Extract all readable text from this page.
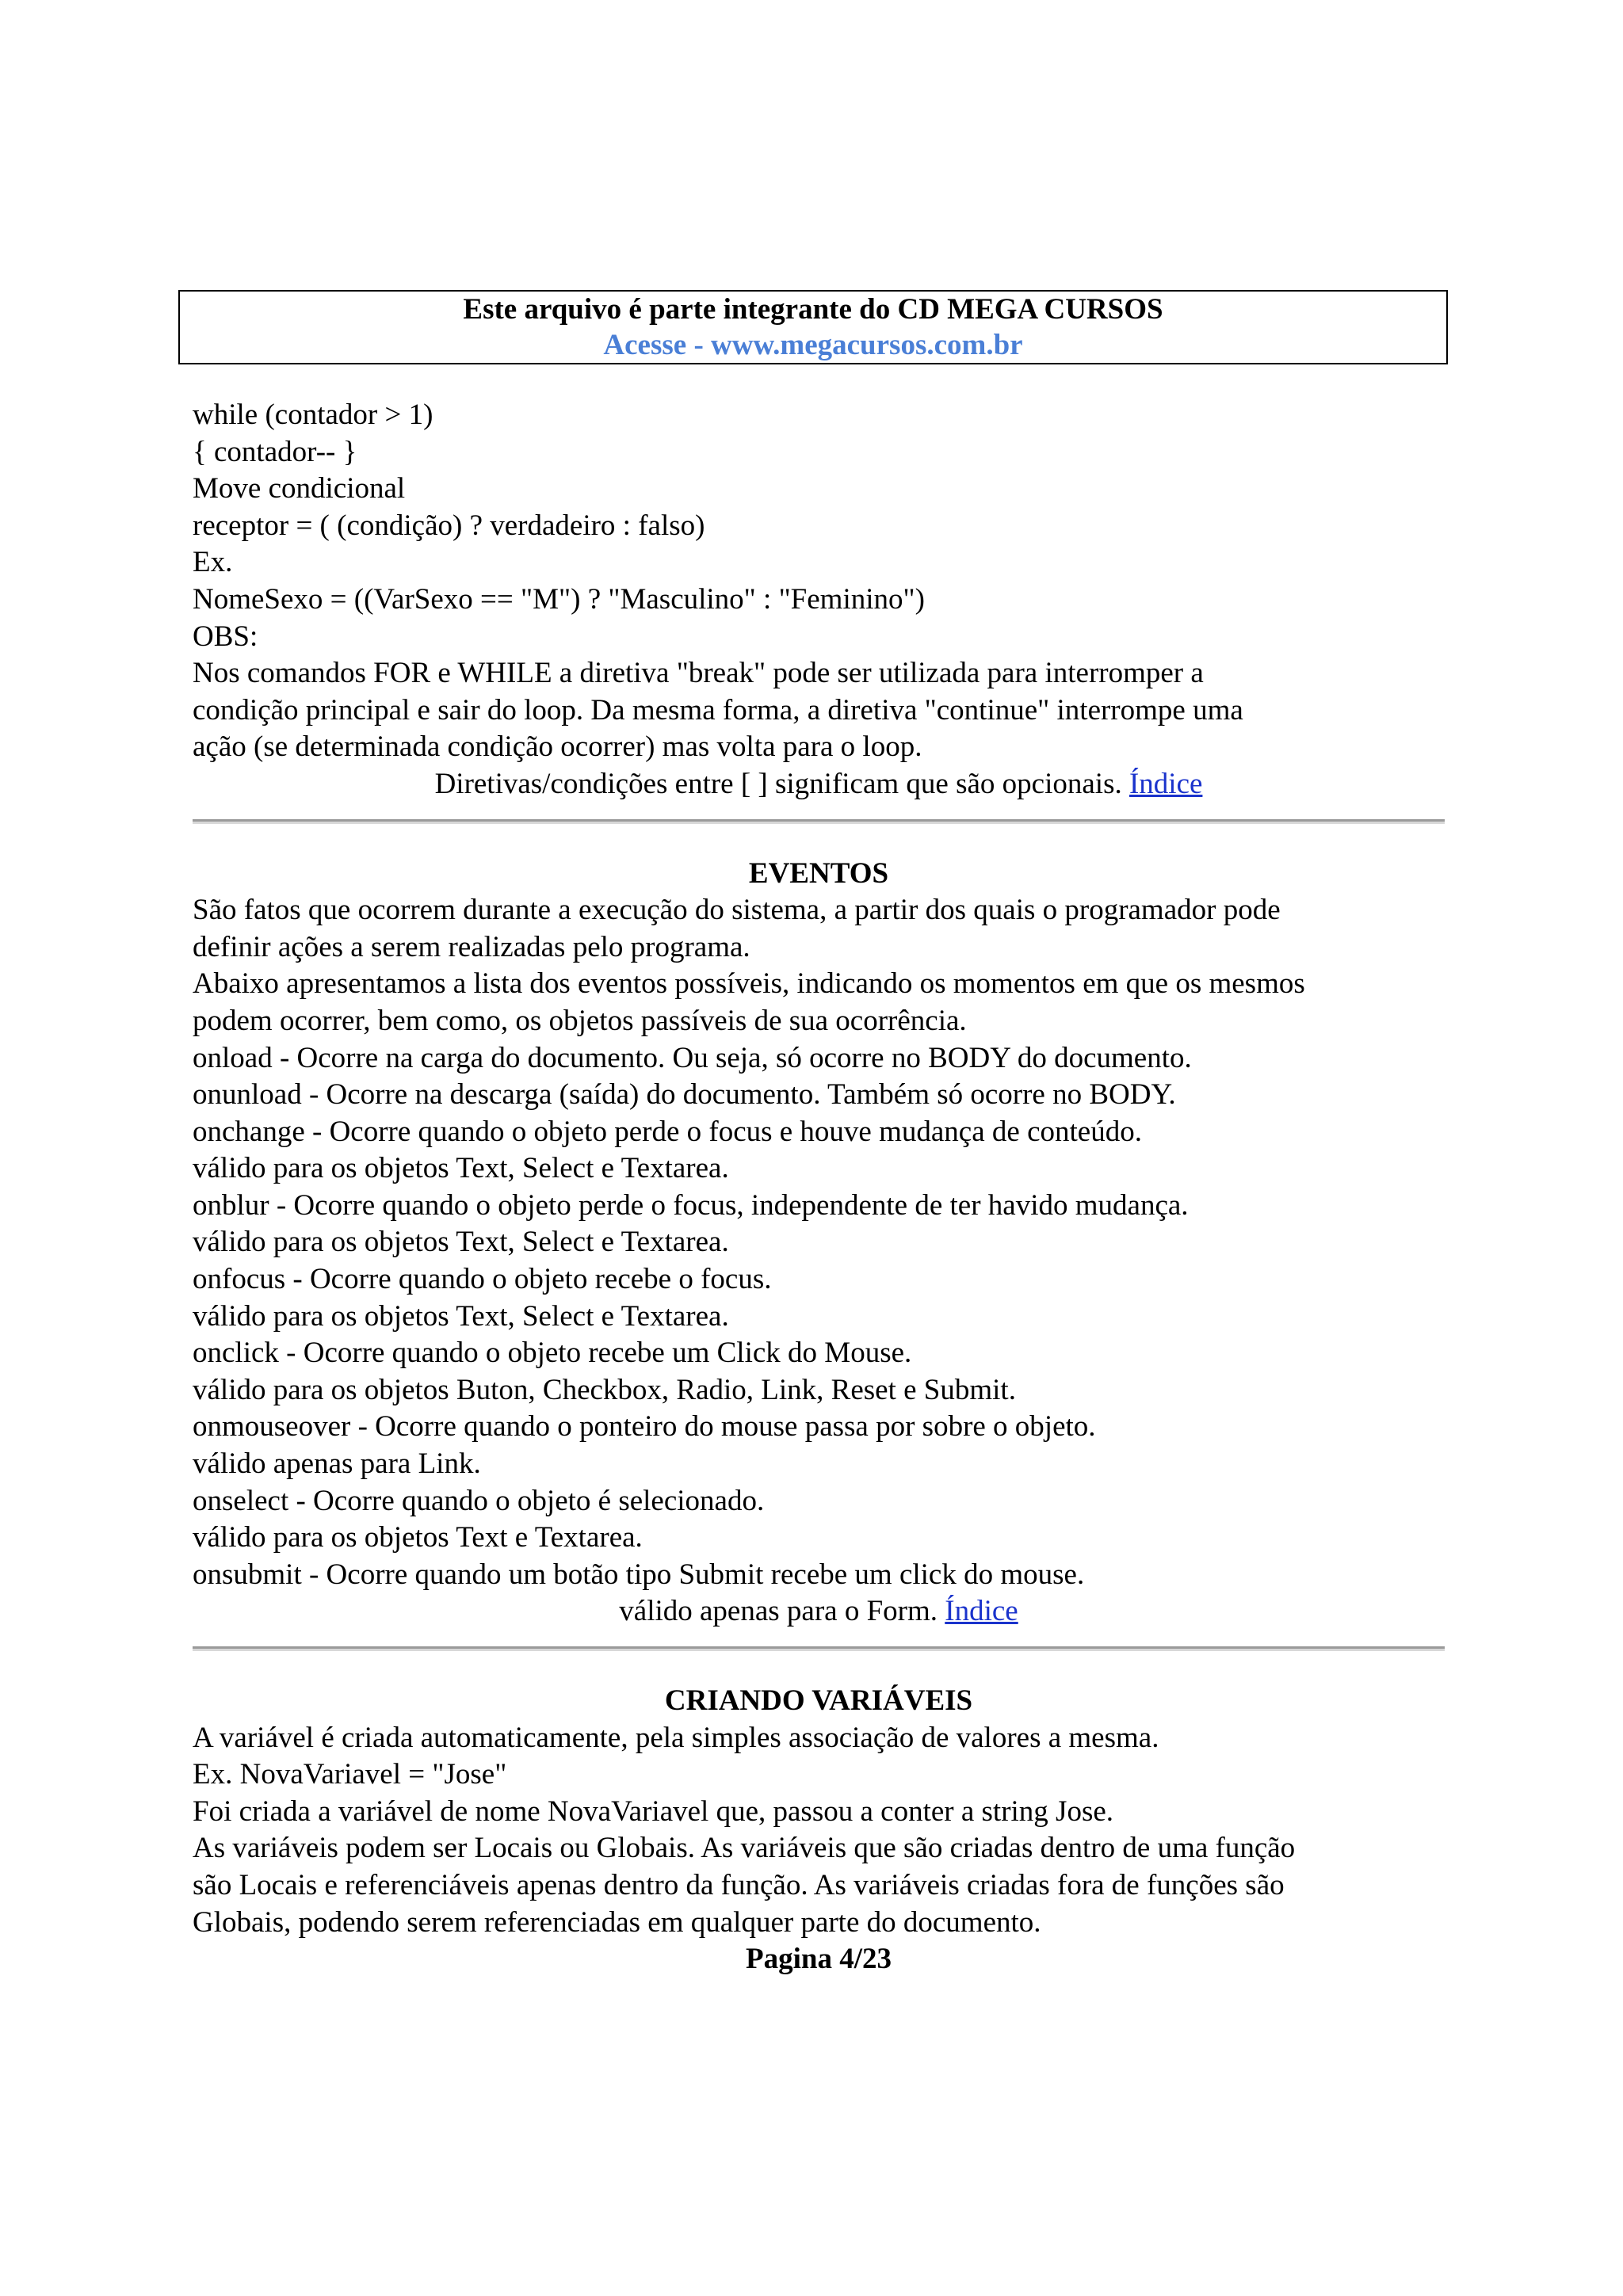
Este arquivo é parte integrante do CD MEGA CURSOS
Acesse - www.megacursos.com.br
while (contador > 1)
{ contador-- }
Move condicional
receptor = ( (condição) ? verdadeiro : falso)
Ex.
NomeSexo = ((VarSexo == "M") ? "Masculino" : "Feminino")
OBS:
Nos comandos FOR e WHILE a diretiva "break" pode ser utilizada para interromper a
condição principal e sair do loop. Da mesma forma, a diretiva "continue" interrompe uma
ação (se determinada condição ocorrer) mas volta para o loop.
Diretivas/condições entre [ ] significam que são opcionais. Índice
EVENTOS
São fatos que ocorrem durante a execução do sistema, a partir dos quais o programador pode
definir ações a serem realizadas pelo programa.
Abaixo apresentamos a lista dos eventos possíveis, indicando os momentos em que os mesmos
podem ocorrer, bem como, os objetos passíveis de sua ocorrência.
onload - Ocorre na carga do documento. Ou seja, só ocorre no BODY do documento.
onunload - Ocorre na descarga (saída) do documento. Também só ocorre no BODY.
onchange - Ocorre quando o objeto perde o focus e houve mudança de conteúdo.
válido para os objetos Text, Select e Textarea.
onblur - Ocorre quando o objeto perde o focus, independente de ter havido mudança.
válido para os objetos Text, Select e Textarea.
onfocus - Ocorre quando o objeto recebe o focus.
válido para os objetos Text, Select e Textarea.
onclick - Ocorre quando o objeto recebe um Click do Mouse.
válido para os objetos Buton, Checkbox, Radio, Link, Reset e Submit.
onmouseover - Ocorre quando o ponteiro do mouse passa por sobre o objeto.
válido apenas para Link.
onselect - Ocorre quando o objeto é selecionado.
válido para os objetos Text e Textarea.
onsubmit - Ocorre quando um botão tipo Submit recebe um click do mouse.
válido apenas para o Form. Índice
CRIANDO VARIÁVEIS
A variável é criada automaticamente, pela simples associação de valores a mesma.
Ex. NovaVariavel = "Jose"
Foi criada a variável de nome NovaVariavel que, passou a conter a string Jose.
As variáveis podem ser Locais ou Globais. As variáveis que são criadas dentro de uma função
são Locais e referenciáveis apenas dentro da função. As variáveis criadas fora de funções são
Globais, podendo serem referenciadas em qualquer parte do documento.
Pagina 4/23
